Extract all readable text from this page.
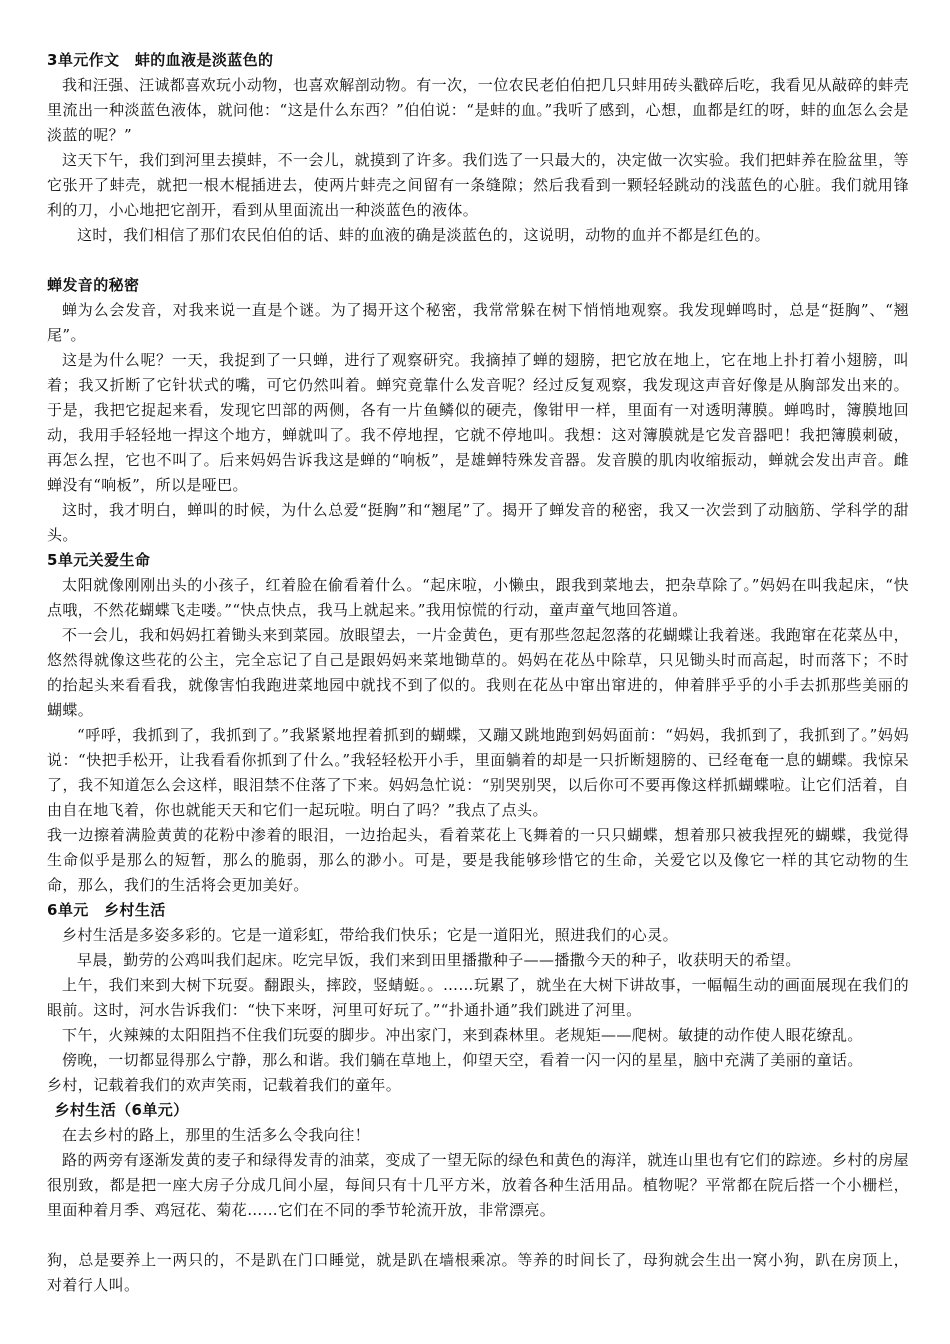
3单元作文　蚌的血液是淡蓝色的

我和汪强、汪诚都喜欢玩小动物，也喜欢解剖动物。有一次，一位农民老伯伯把几只蚌用砖头戳碎后吃，我看见从敲碎的蚌壳里流出一种淡蓝色液体，就问他：“这是什么东西？”伯伯说：“是蚌的血。”我听了感到，心想，血都是红的呀，蚌的血怎么会是淡蓝的呢？”

这天下午，我们到河里去摸蚌，不一会儿，就摸到了许多。我们选了一只最大的，决定做一次实验。我们把蚌养在脸盆里，等它张开了蚌壳，就把一根木棍插进去，使两片蚌壳之间留有一条缝隙；然后我看到一颗轻轻跳动的浅蓝色的心脏。我们就用锋利的刀，小心地把它剖开，看到从里面流出一种淡蓝色的液体。

这时，我们相信了那们农民伯伯的话、蚌的血液的确是淡蓝色的，这说明，动物的血并不都是红色的。

蝉发音的秘密

蝉为么会发音，对我来说一直是个谜。为了揭开这个秘密，我常常躲在树下悄悄地观察。我发现蝉鸣时，总是“挺胸”、“翘尾”。

这是为什么呢？一天，我捉到了一只蝉，进行了观察研究。我摘掉了蝉的翅膀，把它放在地上，它在地上扑打着小翅膀，叫着；我又折断了它针状式的嘴，可它仍然叫着。蝉究竟靠什么发音呢？经过反复观察，我发现这声音好像是从胸部发出来的。于是，我把它捉起来看，发现它凹部的两侧，各有一片鱼鳞似的硬壳，像钳甲一样，里面有一对透明薄膜。蝉鸣时，簿膜地回动，我用手轻轻地一捍这个地方，蝉就叫了。我不停地捏，它就不停地叫。我想：这对簿膜就是它发音器吧！我把簿膜刺破，再怎么捏，它也不叫了。后来妈妈告诉我这是蝉的“响板”，是雄蝉特殊发音器。发音膜的肌肉收缩振动，蝉就会发出声音。雌蝉没有“响板”，所以是哑巴。

这时，我才明白，蝉叫的时候，为什么总爱“挺胸”和“翘尾”了。揭开了蝉发音的秘密，我又一次尝到了动脑筋、学科学的甜头。

5单元关爱生命

太阳就像刚刚出头的小孩子，红着脸在偷看着什么。“起床啦，小懒虫，跟我到菜地去，把杂草除了。”妈妈在叫我起床，“快点哦，不然花蝴蝶飞走喽。”“快点快点，我马上就起来。”我用惊慌的行动，童声童气地回答道。

不一会儿，我和妈妈扛着锄头来到菜园。放眼望去，一片金黄色，更有那些忽起忽落的花蝴蝶让我着迷。我跑窜在花菜丛中，悠然得就像这些花的公主，完全忘记了自己是跟妈妈来菜地锄草的。妈妈在花丛中除草，只见锄头时而高起，时而落下；不时的抬起头来看看我，就像害怕我跑进菜地园中就找不到了似的。我则在花丛中窜出窜进的，伸着胖乎乎的小手去抓那些美丽的蝴蝶。

“呼呼，我抓到了，我抓到了。”我紧紧地捏着抓到的蝴蝶，又蹦又跳地跑到妈妈面前：“妈妈，我抓到了，我抓到了。”妈妈说：“快把手松开，让我看看你抓到了什么。”我轻轻松开小手，里面躺着的却是一只折断翅膀的、已经奄奄一息的蝴蝶。我惊呆了，我不知道怎么会这样，眼泪禁不住落了下来。妈妈急忙说：“别哭别哭，以后你可不要再像这样抓蝴蝶啦。让它们活着，自由自在地飞着，你也就能天天和它们一起玩啦。明白了吗？”我点了点头。

我一边擦着满脸黄黄的花粉中渗着的眼泪，一边抬起头，看着菜花上飞舞着的一只只蝴蝶，想着那只被我捏死的蝴蝶，我觉得生命似乎是那么的短暂，那么的脆弱，那么的渺小。可是，要是我能够珍惜它的生命，关爱它以及像它一样的其它动物的生命，那么，我们的生活将会更加美好。

6单元　乡村生活

乡村生活是多姿多彩的。它是一道彩虹，带给我们快乐；它是一道阳光，照进我们的心灵。

早晨，勤劳的公鸡叫我们起床。吃完早饭，我们来到田里播撒种子——播撒今天的种子，收获明天的希望。

上午，我们来到大树下玩耍。翻跟头，摔跤，竖蜻蜓。。……玩累了，就坐在大树下讲故事，一幅幅生动的画面展现在我们的眼前。这时，河水告诉我们：“快下来呀，河里可好玩了。”“扑通扑通”我们跳进了河里。

下午，火辣辣的太阳阻挡不住我们玩耍的脚步。冲出家门，来到森林里。老规矩——爬树。敏捷的动作使人眼花缭乱。

傍晚，一切都显得那么宁静，那么和谐。我们躺在草地上，仰望天空，看着一闪一闪的星星，脑中充满了美丽的童话。

乡村，记载着我们的欢声笑雨，记载着我们的童年。

乡村生活（6单元）

在去乡村的路上，那里的生活多么令我向往！

路的两旁有逐渐发黄的麦子和绿得发青的油菜，变成了一望无际的绿色和黄色的海洋，就连山里也有它们的踪迹。乡村的房屋很別致，都是把一座大房子分成几间小屋，每间只有十几平方米，放着各种生活用品。植物呢？平常都在院后搭一个小栅栏，里面种着月季、鸡冠花、菊花……它们在不同的季节轮流开放，非常漂亮。

狗，总是要养上一两只的，不是趴在门口睡觉，就是趴在墙根乘凉。等养的时间长了，母狗就会生出一窝小狗，趴在房顶上，对着行人叫。
